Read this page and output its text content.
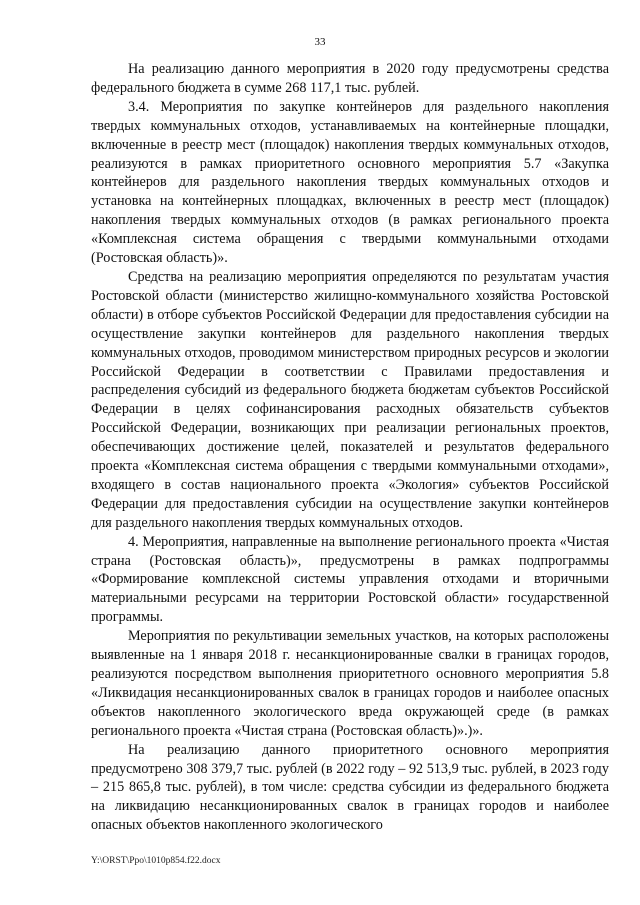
33

На реализацию данного мероприятия в 2020 году предусмотрены средства федерального бюджета в сумме 268 117,1 тыс. рублей.

3.4. Мероприятия по закупке контейнеров для раздельного накопления твердых коммунальных отходов, устанавливаемых на контейнерные площадки, включенные в реестр мест (площадок) накопления твердых коммунальных отходов, реализуются в рамках приоритетного основного мероприятия 5.7 «Закупка контейнеров для раздельного накопления твердых коммунальных отходов и установка на контейнерных площадках, включенных в реестр мест (площадок) накопления твердых коммунальных отходов (в рамках регионального проекта «Комплексная система обращения с твердыми коммунальными отходами (Ростовская область)».

Средства на реализацию мероприятия определяются по результатам участия Ростовской области (министерство жилищно-коммунального хозяйства Ростовской области) в отборе субъектов Российской Федерации для предоставления субсидии на осуществление закупки контейнеров для раздельного накопления твердых коммунальных отходов, проводимом министерством природных ресурсов и экологии Российской Федерации в соответствии с Правилами предоставления и распределения субсидий из федерального бюджета бюджетам субъектов Российской Федерации в целях софинансирования расходных обязательств субъектов Российской Федерации, возникающих при реализации региональных проектов, обеспечивающих достижение целей, показателей и результатов федерального проекта «Комплексная система обращения с твердыми коммунальными отходами», входящего в состав национального проекта «Экология» субъектов Российской Федерации для предоставления субсидии на осуществление закупки контейнеров для раздельного накопления твердых коммунальных отходов.

4. Мероприятия, направленные на выполнение регионального проекта «Чистая страна (Ростовская область)», предусмотрены в рамках подпрограммы «Формирование комплексной системы управления отходами и вторичными материальными ресурсами на территории Ростовской области» государственной программы.

Мероприятия по рекультивации земельных участков, на которых расположены выявленные на 1 января 2018 г. несанкционированные свалки в границах городов, реализуются посредством выполнения приоритетного основного мероприятия 5.8 «Ликвидация несанкционированных свалок в границах городов и наиболее опасных объектов накопленного экологического вреда окружающей среде (в рамках регионального проекта «Чистая страна (Ростовская область)».)».

На реализацию данного приоритетного основного мероприятия предусмотрено 308 379,7 тыс. рублей (в 2022 году – 92 513,9 тыс. рублей, в 2023 году – 215 865,8 тыс. рублей), в том числе: средства субсидии из федерального бюджета на ликвидацию несанкционированных свалок в границах городов и наиболее опасных объектов накопленного экологического

Y:\ORST\Ppo\1010p854.f22.docx
